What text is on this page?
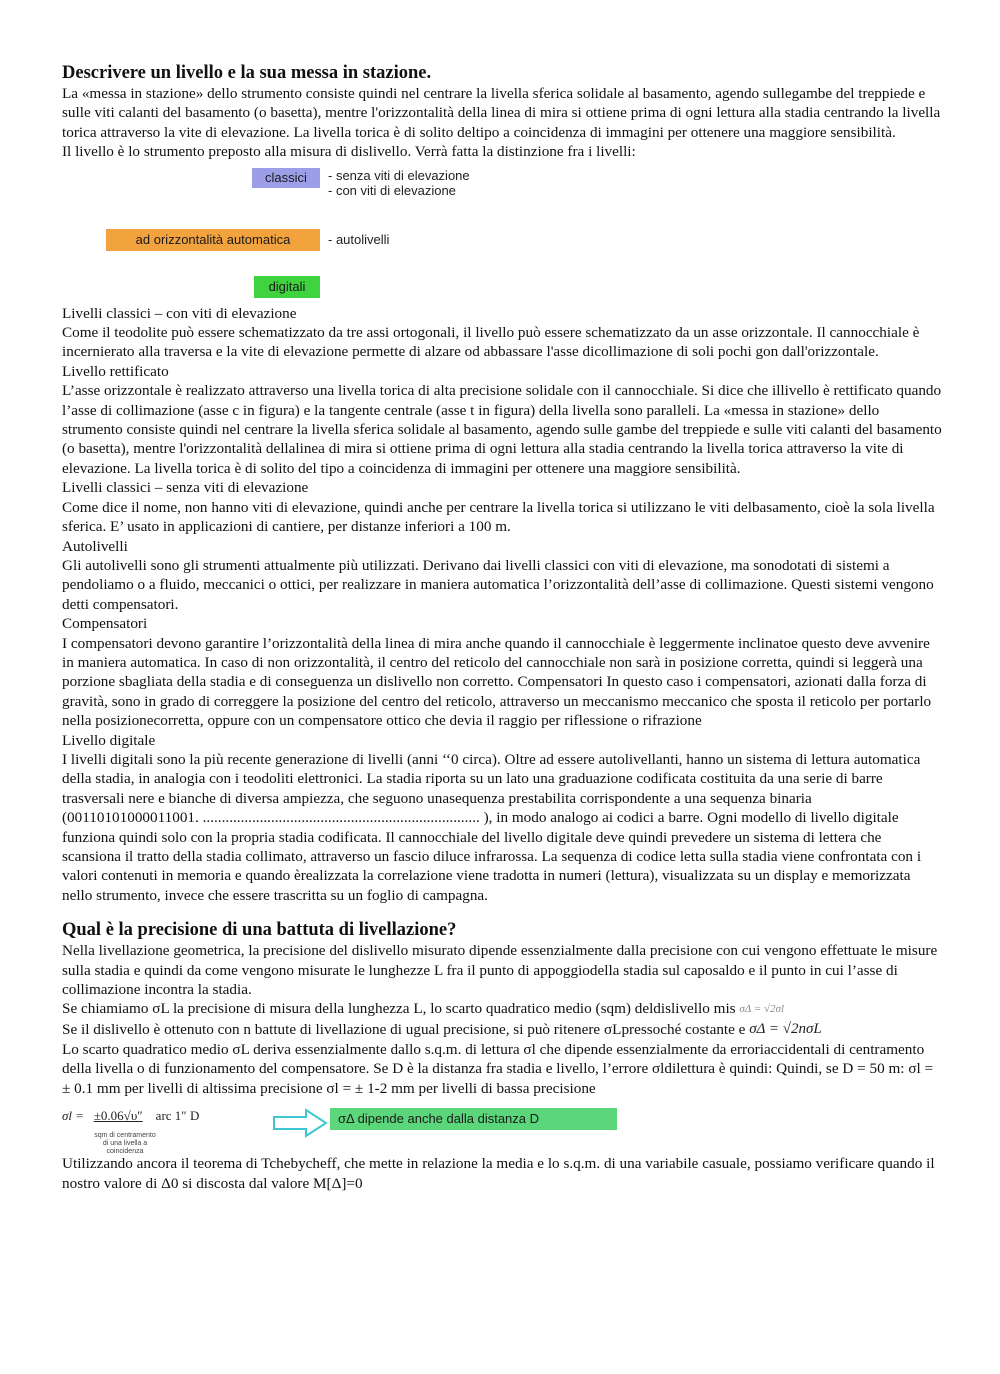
Descrivere un livello e la sua messa in stazione.

La «messa in stazione» dello strumento consiste quindi nel centrare la livella sferica solidale al basamento, agendo sullegambe del treppiede e sulle viti calanti del basamento (o basetta), mentre l'orizzontalità della linea di mira si ottiene prima di ogni lettura alla stadia centrando la livella torica attraverso la vite di elevazione. La livella torica è di solito deltipo a coincidenza di immagini per ottenere una maggiore sensibilità.

Il livello è lo strumento preposto alla misura di dislivello. Verrà fatta la distinzione fra i livelli:

classici	- senza viti di elevazione
- con viti di elevazione
ad orizzontalità automatica	- autolivelli
digitali

Livelli classici – con viti di elevazione

Come il teodolite può essere schematizzato da tre assi ortogonali, il livello può essere schematizzato da un asse orizzontale. Il cannocchiale è incernierato alla traversa e la vite di elevazione permette di alzare od abbassare l'asse dicollimazione di soli pochi gon dall'orizzontale.

Livello rettificato

L’asse orizzontale è realizzato attraverso una livella torica di alta precisione solidale con il cannocchiale. Si dice che illivello è rettificato quando l’asse di collimazione (asse c in figura) e la tangente centrale (asse t in figura) della livella sono paralleli. La «messa in stazione» dello strumento consiste quindi nel centrare la livella sferica solidale al basamento, agendo sulle gambe del treppiede e sulle viti calanti del basamento (o basetta), mentre l'orizzontalità dellalinea di mira si ottiene prima di ogni lettura alla stadia centrando la livella torica attraverso la vite di elevazione. La livella torica è di solito del tipo a coincidenza di immagini per ottenere una maggiore sensibilità.

Livelli classici – senza viti di elevazione

Come dice il nome, non hanno viti di elevazione, quindi anche per centrare la livella torica si utilizzano le viti delbasamento, cioè la sola livella sferica. E’ usato in applicazioni di cantiere, per distanze inferiori a 100 m.

Autolivelli

Gli autolivelli sono gli strumenti attualmente più utilizzati. Derivano dai livelli classici con viti di elevazione, ma sonodotati di sistemi a pendoliamo o a fluido, meccanici o ottici, per realizzare in maniera automatica l’orizzontalità dell’asse di collimazione. Questi sistemi vengono detti compensatori.

Compensatori

I compensatori devono garantire l’orizzontalità della linea di mira anche quando il cannocchiale è leggermente inclinatoe questo deve avvenire in maniera automatica. In caso di non orizzontalità, il centro del reticolo del cannocchiale non sarà in posizione corretta, quindi si leggerà una porzione sbagliata della stadia e di conseguenza un dislivello non corretto. Compensatori In questo caso i compensatori, azionati dalla forza di gravità, sono in grado di correggere la posizione del centro del reticolo, attraverso un meccanismo meccanico che sposta il reticolo per portarlo nella posizionecorretta, oppure con un compensatore ottico che devia il raggio per riflessione o rifrazione

Livello digitale

I livelli digitali sono la più recente generazione di livelli (anni ‘‘0 circa). Oltre ad essere autolivellanti, hanno un sistema di lettura automatica della stadia, in analogia con i teodoliti elettronici. La stadia riporta su un lato una graduazione codificata costituita da una serie di barre trasversali nere e bianche di diversa ampiezza, che seguono unasequenza prestabilita corrispondente a una sequenza binaria (00110101000011001. ......................................................................... ), in modo analogo ai codici a barre. Ogni modello di livello digitale funziona quindi solo con la propria stadia codificata. Il cannocchiale del livello digitale deve quindi prevedere un sistema di lettera che scansiona il tratto della stadia collimato, attraverso un fascio diluce infrarossa. La sequenza di codice letta sulla stadia viene confrontata con i valori contenuti in memoria e quando èrealizzata la correlazione viene tradotta in numeri (lettura), visualizzata su un display e memorizzata nello strumento, invece che essere trascritta su un foglio di campagna.

Qual è la precisione di una battuta di livellazione?

Nella livellazione geometrica, la precisione del dislivello misurato dipende essenzialmente dalla precisione con cui vengono effettuate le misure sulla stadia e quindi da come vengono misurate le lunghezze L fra il punto di appoggiodella stadia sul caposaldo e il punto in cui l’asse di collimazione incontra la stadia.

Se chiamiamo σL la precisione di misura della lunghezza L, lo scarto quadratico medio (sqm) deldislivello mis σΔ = √2σl

Se il dislivello è ottenuto con n battute di livellazione di ugual precisione, si può ritenere σLpressoché costante e σΔ = √2nσL

Lo scarto quadratico medio σL deriva essenzialmente dallo s.q.m. di lettura σl che dipende essenzialmente da erroriaccidentali di centramento della livella o di funzionamento del compensatore. Se D è la distanza fra stadia e livello, l’errore σldilettura è quindi: Quindi, se D = 50 m: σl = ± 0.1 mm per livelli di altissima precisione σl = ± 1-2 mm per livelli di bassa precisione

σl = ±0.06√υ″ arc 1″ D
sqm di centramento
di una livella a coincidenza
σΔ dipende anche dalla distanza D

Utilizzando ancora il teorema di Tchebycheff, che mette in relazione la media e lo s.q.m. di una variabile casuale, possiamo verificare quando il nostro valore di Δ0 si discosta dal valore M[Δ]=0
